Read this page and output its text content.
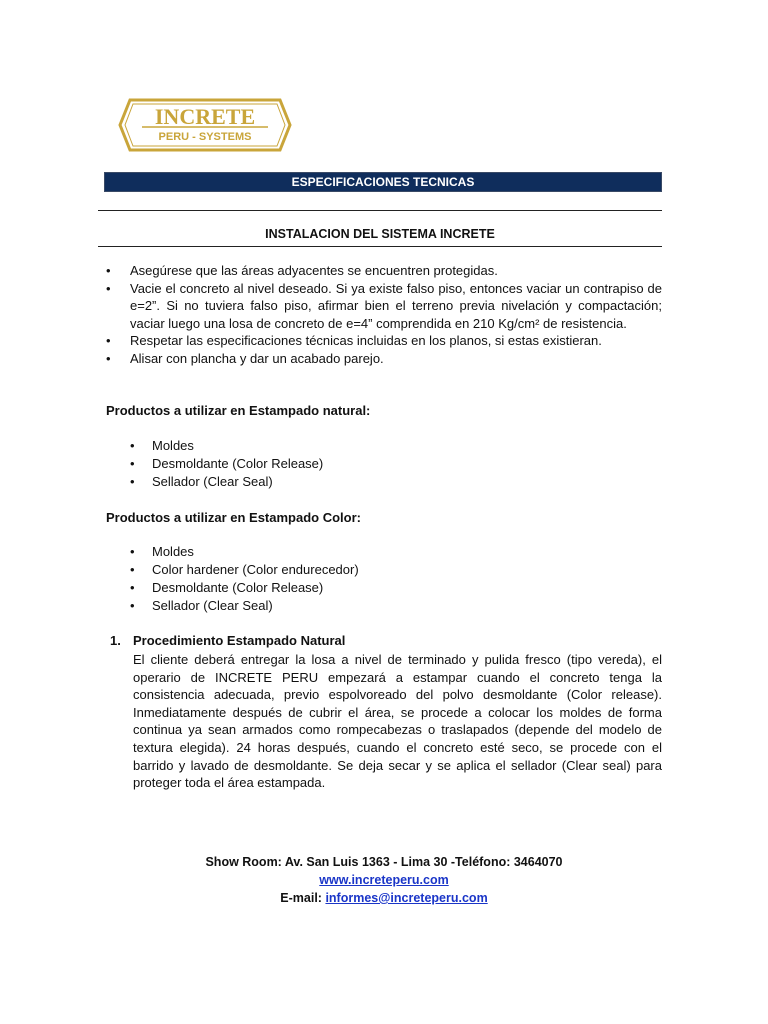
INCRETE
PERU - SYSTEMS
ESPECIFICACIONES TECNICAS
INSTALACION DEL SISTEMA INCRETE
• Asegúrese que las áreas adyacentes se encuentren protegidas.
• Vacie el concreto al nivel deseado. Si ya existe falso piso, entonces vaciar un contrapiso de e=2”. Si no tuviera falso piso, afirmar bien el terreno previa nivelación y compactación; vaciar luego una losa de concreto de e=4” comprendida en 210 Kg/cm² de resistencia.
• Respetar las especificaciones técnicas incluidas en los planos, si estas existieran.
• Alisar con plancha y dar un acabado parejo.
Productos a utilizar en Estampado natural:
• Moldes
• Desmoldante (Color Release)
• Sellador (Clear Seal)
Productos a utilizar en Estampado Color:
• Moldes
• Color hardener (Color endurecedor)
• Desmoldante (Color Release)
• Sellador (Clear Seal)
1. Procedimiento Estampado Natural
El cliente deberá entregar la losa a nivel de terminado y pulida fresco (tipo vereda), el operario de INCRETE PERU empezará a estampar cuando el concreto tenga la consistencia adecuada, previo espolvoreado del polvo desmoldante (Color release). Inmediatamente después de cubrir el área, se procede a colocar los moldes de forma continua ya sean armados como rompecabezas o traslapados (depende del modelo de textura elegida). 24 horas después, cuando el concreto esté seco, se procede con el barrido y lavado de desmoldante. Se deja secar y se aplica el sellador (Clear seal) para proteger toda el área estampada.
Show Room: Av. San Luis 1363 - Lima 30 -Teléfono: 3464070
www.increteperu.com
E-mail: informes@increteperu.com
